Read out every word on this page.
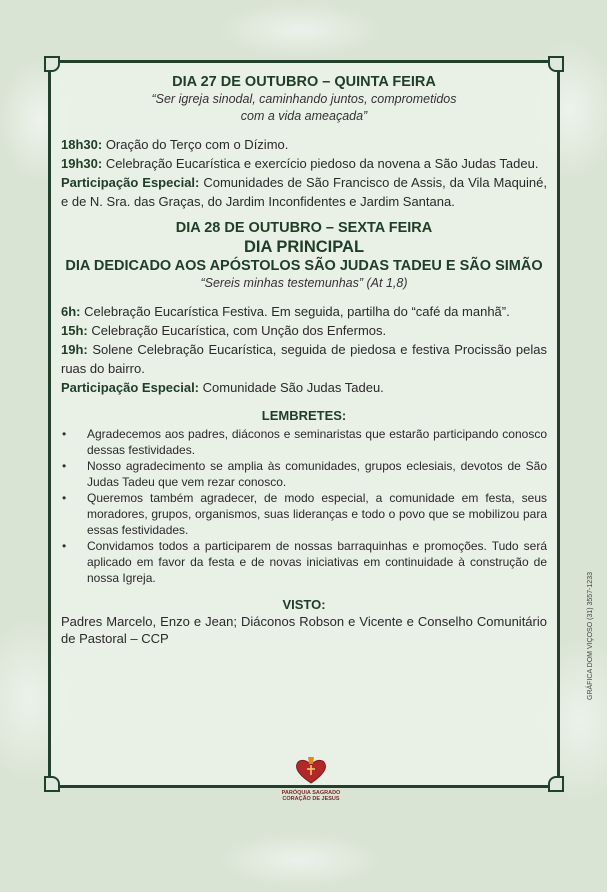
DIA 27 DE OUTUBRO – QUINTA FEIRA
“Ser igreja sinodal, caminhando juntos, comprometidos
com a vida ameaçada”

18h30: Oração do Terço com o Dízimo.

19h30: Celebração Eucarística e exercício piedoso da novena a São Judas Tadeu.

Participação Especial: Comunidades de São Francisco de Assis, da Vila Maquiné, e de N. Sra. das Graças, do Jardim Inconfidentes e Jardim Santana.

DIA 28 DE OUTUBRO – SEXTA FEIRA
DIA PRINCIPAL
DIA DEDICADO AOS APÓSTOLOS SÃO JUDAS TADEU E SÃO SIMÃO
“Sereis minhas testemunhas” (At 1,8)

6h: Celebração Eucarística Festiva. Em seguida, partilha do “café da manhã”.

15h: Celebração Eucarística, com Unção dos Enfermos.

19h: Solene Celebração Eucarística, seguida de piedosa e festiva Procissão pelas ruas do bairro.

Participação Especial: Comunidade São Judas Tadeu.

LEMBRETES:
• Agradecemos aos padres, diáconos e seminaristas que estarão participando conosco dessas festividades.
• Nosso agradecimento se amplia às comunidades, grupos eclesiais, devotos de São Judas Tadeu que vem rezar conosco.
• Queremos também agradecer, de modo especial, a comunidade em festa, seus moradores, grupos, organismos, suas lideranças e todo o povo que se mobilizou para essas festividades.
• Convidamos todos a participarem de nossas barraquinhas e promoções. Tudo será aplicado em favor da festa e de novas iniciativas em continuidade à construção de nossa Igreja.
VISTO:

Padres Marcelo, Enzo e Jean; Diáconos Robson e Vicente e Conselho Comunitário de Pastoral – CCP

PARÓQUIA SAGRADO
CORAÇÃO DE JESUS
GRÁFICA DOM VIÇOSO (31) 3557-1233
